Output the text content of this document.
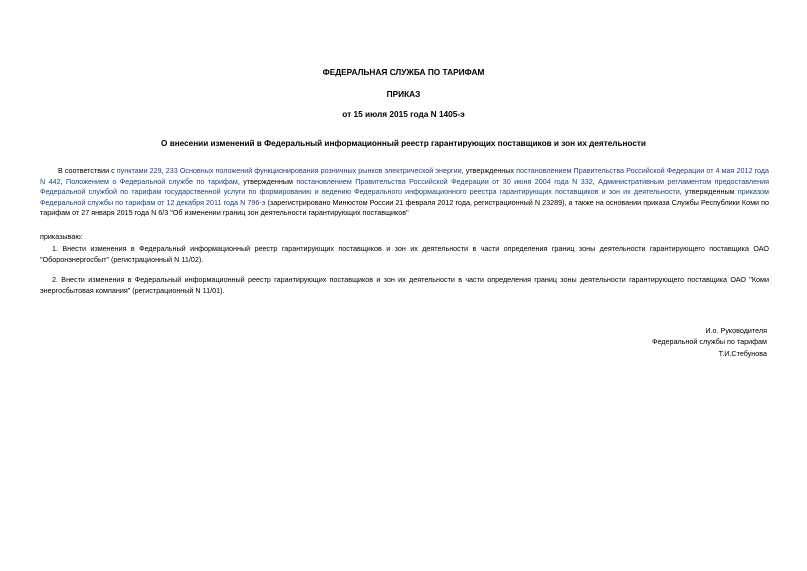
ФЕДЕРАЛЬНАЯ СЛУЖБА ПО ТАРИФАМ
ПРИКАЗ
от 15 июля 2015 года N 1405-э
О внесении изменений в Федеральный информационный реестр гарантирующих поставщиков и зон их деятельности
В соответствии с пунктами 229, 233 Основных положений функционирования розничных рынков электрической энергии, утвержденных постановлением Правительства Российской Федерации от 4 мая 2012 года N 442, Положением о Федеральной службе по тарифам, утвержденным постановлением Правительства Российской Федерации от 30 июня 2004 года N 332, Административным регламентом предоставления Федеральной службой по тарифам государственной услуги по формированию и ведению Федерального информационного реестра гарантирующих поставщиков и зон их деятельности, утвержденным приказом Федеральной службы по тарифам от 12 декабря 2011 года N 796-э (зарегистрировано Минюстом России 21 февраля 2012 года, регистрационный N 23289), а также на основании приказа Службы Республики Коми по тарифам от 27 января 2015 года N 6/3 "Об изменении границ зон деятельности гарантирующих поставщиков"
приказываю:
1. Внести изменения в Федеральный информационный реестр гарантирующих поставщиков и зон их деятельности в части определения границ зоны деятельности гарантирующего поставщика ОАО "Оборонэнергосбыт" (регистрационный N 11/02).
2. Внести изменения в Федеральный информационный реестр гарантирующих поставщиков и зон их деятельности в части определения границ зоны деятельности гарантирующего поставщика ОАО "Коми энергосбытовая компания" (регистрационный N 11/01).
И.о. Руководителя
Федеральной службы по тарифам
Т.И.Стебунова
